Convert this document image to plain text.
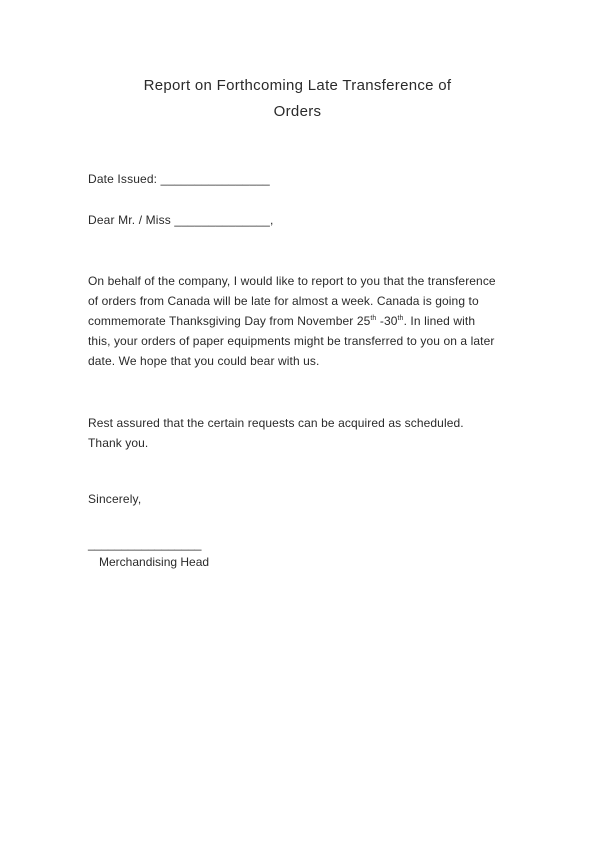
Report on Forthcoming Late Transference of
Orders
Date Issued: ________________
Dear Mr. / Miss ______________,

On behalf of the company, I would like to report to you that the transference of orders from Canada will be late for almost a week. Canada is going to commemorate Thanksgiving Day from November 25th -30th. In lined with this, your orders of paper equipments might be transferred to you on a later date. We hope that you could bear with us.

Rest assured that the certain requests can be acquired as scheduled. Thank you.

Sincerely,
_________________
Merchandising Head
